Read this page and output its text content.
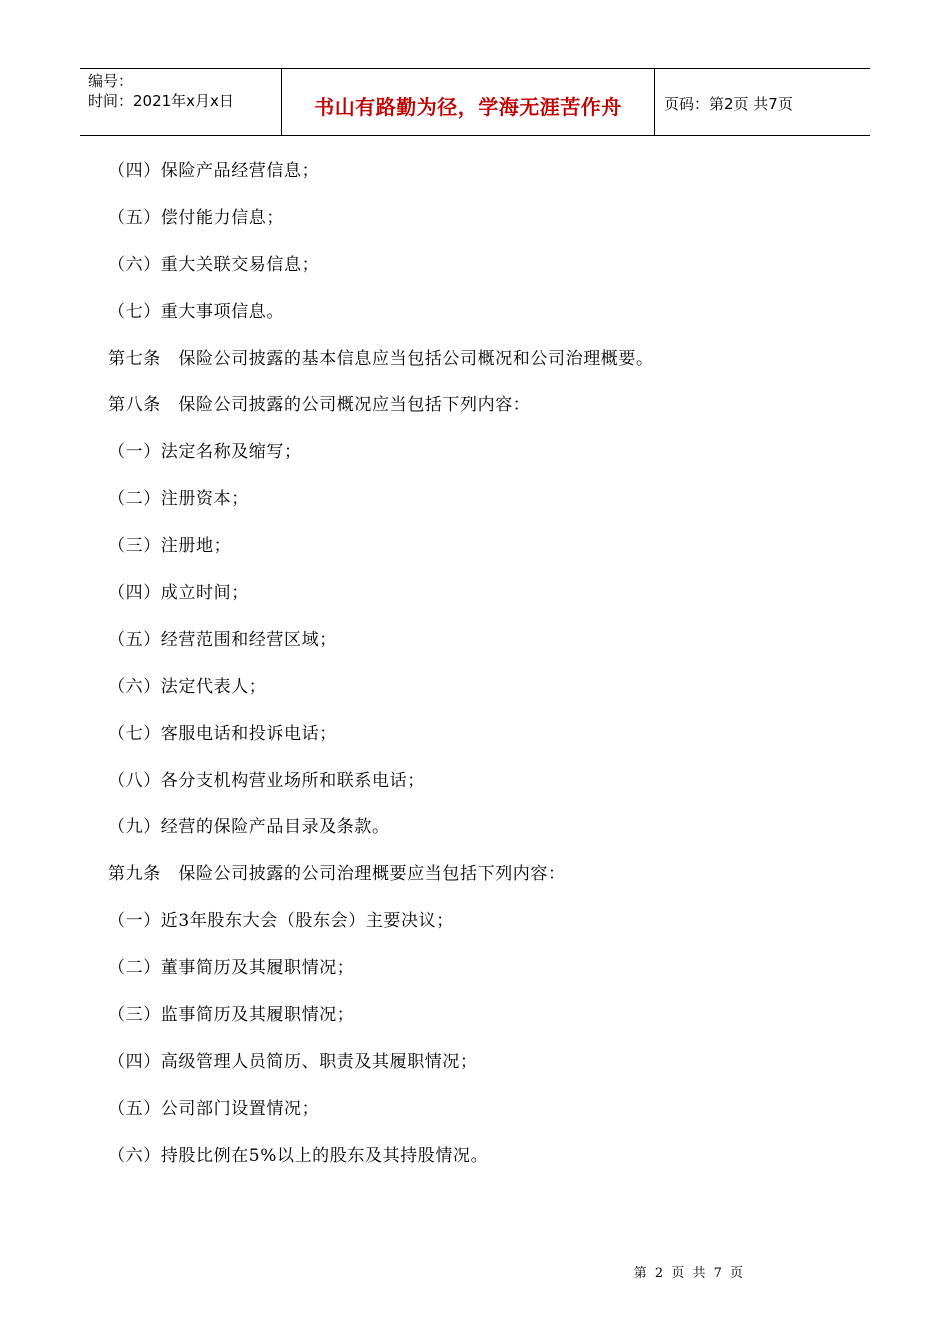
编号：
时间：2021年x月x日	书山有路勤为径，学海无涯苦作舟	页码：第2页 共7页
（四）保险产品经营信息；
（五）偿付能力信息；
（六）重大关联交易信息；
（七）重大事项信息。
第七条　保险公司披露的基本信息应当包括公司概况和公司治理概要。
第八条　保险公司披露的公司概况应当包括下列内容：
（一）法定名称及缩写；
（二）注册资本；
（三）注册地；
（四）成立时间；
（五）经营范围和经营区域；
（六）法定代表人；
（七）客服电话和投诉电话；
（八）各分支机构营业场所和联系电话；
（九）经营的保险产品目录及条款。
第九条　保险公司披露的公司治理概要应当包括下列内容：
（一）近3年股东大会（股东会）主要决议；
（二）董事简历及其履职情况；
（三）监事简历及其履职情况；
（四）高级管理人员简历、职责及其履职情况；
（五）公司部门设置情况；
（六）持股比例在5%以上的股东及其持股情况。
第 2 页 共 7 页
